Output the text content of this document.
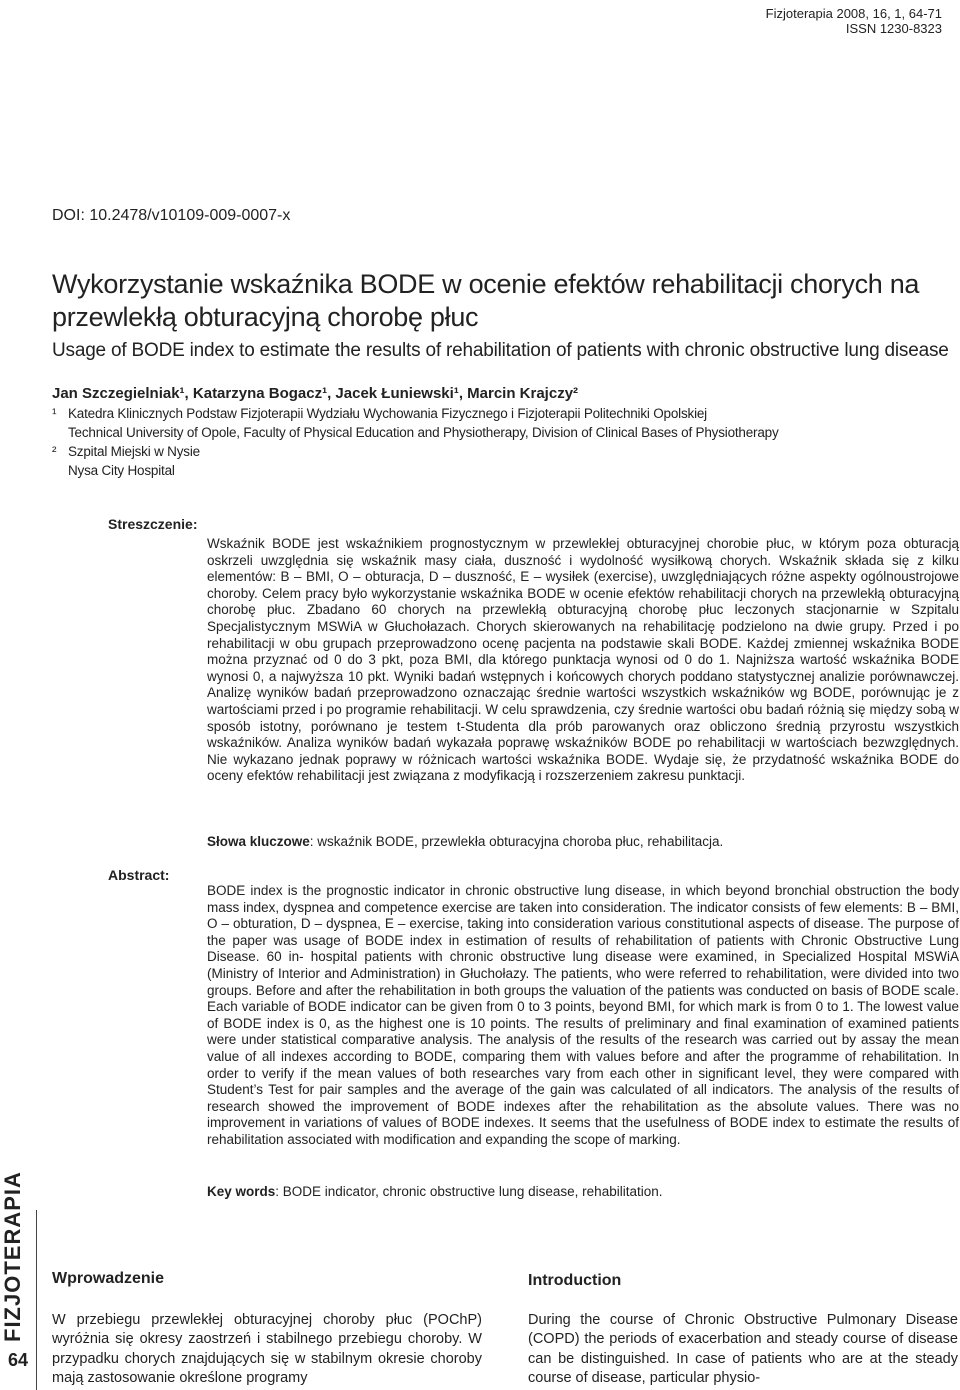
Fizjoterapia 2008, 16, 1, 64-71
ISSN 1230-8323
DOI: 10.2478/v10109-009-0007-x
Wykorzystanie wskaźnika BODE w ocenie efektów rehabilitacji chorych na przewlekłą obturacyjną chorobę płuc
Usage of BODE index to estimate the results of rehabilitation of patients with chronic obstructive lung disease
Jan Szczegielniak¹, Katarzyna Bogacz¹, Jacek Łuniewski¹, Marcin Krajczy²
¹ Katedra Klinicznych Podstaw Fizjoterapii Wydziału Wychowania Fizycznego i Fizjoterapii Politechniki Opolskiej
Technical University of Opole, Faculty of Physical Education and Physiotherapy, Division of Clinical Bases of Physiotherapy
² Szpital Miejski w Nysie
Nysa City Hospital
Streszczenie:

Wskaźnik BODE jest wskaźnikiem prognostycznym w przewlekłej obturacyjnej chorobie płuc, w którym poza obturacją oskrzeli uwzględnia się wskaźnik masy ciała, duszność i wydolność wysiłkową chorych. Wskaźnik składa się z kilku elementów: B – BMI, O – obturacja, D – duszność, E – wysiłek (exercise), uwzględniających różne aspekty ogólnoustrojowe choroby. Celem pracy było wykorzystanie wskaźnika BODE w ocenie efektów rehabilitacji chorych na przewlekłą obturacyjną chorobę płuc. Zbadano 60 chorych na przewlekłą obturacyjną chorobę płuc leczonych stacjonarnie w Szpitalu Specjalistycznym MSWiA w Głuchołazach. Chorych skierowanych na rehabilitację podzielono na dwie grupy. Przed i po rehabilitacji w obu grupach przeprowadzono ocenę pacjenta na podstawie skali BODE. Każdej zmiennej wskaźnika BODE można przyznać od 0 do 3 pkt, poza BMI, dla którego punktacja wynosi od 0 do 1. Najniższa wartość wskaźnika BODE wynosi 0, a najwyższa 10 pkt. Wyniki badań wstępnych i końcowych chorych poddano statystycznej analizie porównawczej. Analizę wyników badań przeprowadzono oznaczając średnie wartości wszystkich wskaźników wg BODE, porównując je z wartościami przed i po programie rehabilitacji. W celu sprawdzenia, czy średnie wartości obu badań różnią się między sobą w sposób istotny, porównano je testem t-Studenta dla prób parowanych oraz obliczono średnią przyrostu wszystkich wskaźników. Analiza wyników badań wykazała poprawę wskaźników BODE po rehabilitacji w wartościach bezwzględnych. Nie wykazano jednak poprawy w różnicach wartości wskaźnika BODE. Wydaje się, że przydatność wskaźnika BODE do oceny efektów rehabilitacji jest związana z modyfikacją i rozszerzeniem zakresu punktacji.

Słowa kluczowe: wskaźnik BODE, przewlekła obturacyjna choroba płuc, rehabilitacja.
Abstract:

BODE index is the prognostic indicator in chronic obstructive lung disease, in which beyond bronchial obstruction the body mass index, dyspnea and competence exercise are taken into consideration. The indicator consists of few elements: B – BMI, O – obturation, D – dyspnea, E – exercise, taking into consideration various constitutional aspects of disease. The purpose of the paper was usage of BODE index in estimation of results of rehabilitation of patients with Chronic Obstructive Lung Disease. 60 in- hospital patients with chronic obstructive lung disease were examined, in Specialized Hospital MSWiA (Ministry of Interior and Administration) in Głuchołazy. The patients, who were referred to rehabilitation, were divided into two groups. Before and after the rehabilitation in both groups the valuation of the patients was conducted on basis of BODE scale. Each variable of BODE indicator can be given from 0 to 3 points, beyond BMI, for which mark is from 0 to 1. The lowest value of BODE index is 0, as the highest one is 10 points. The results of preliminary and final examination of examined patients were under statistical comparative analysis. The analysis of the results of the research was carried out by assay the mean value of all indexes according to BODE, comparing them with values before and after the programme of rehabilitation. In order to verify if the mean values of both researches vary from each other in significant level, they were compared with Student’s Test for pair samples and the average of the gain was calculated of all indicators. The analysis of the results of research showed the improvement of BODE indexes after the rehabilitation as the absolute values. There was no improvement in variations of values of BODE indexes. It seems that the usefulness of BODE index to estimate the results of rehabilitation associated with modification and expanding the scope of marking.

Key words: BODE indicator, chronic obstructive lung disease, rehabilitation.
FIZJOTERAPIA
64
Wprowadzenie

W przebiegu przewlekłej obturacyjnej choroby płuc (POChP) wyróżnia się okresy zaostrzeń i stabilnego przebiegu choroby. W przypadku chorych znajdujących się w stabilnym okresie choroby mają zastosowanie określone programy

Introduction

During the course of Chronic Obstructive Pulmonary Disease (COPD) the periods of exacerbation and steady course of disease can be distinguished. In case of patients who are at the steady course of disease, particular physio-
